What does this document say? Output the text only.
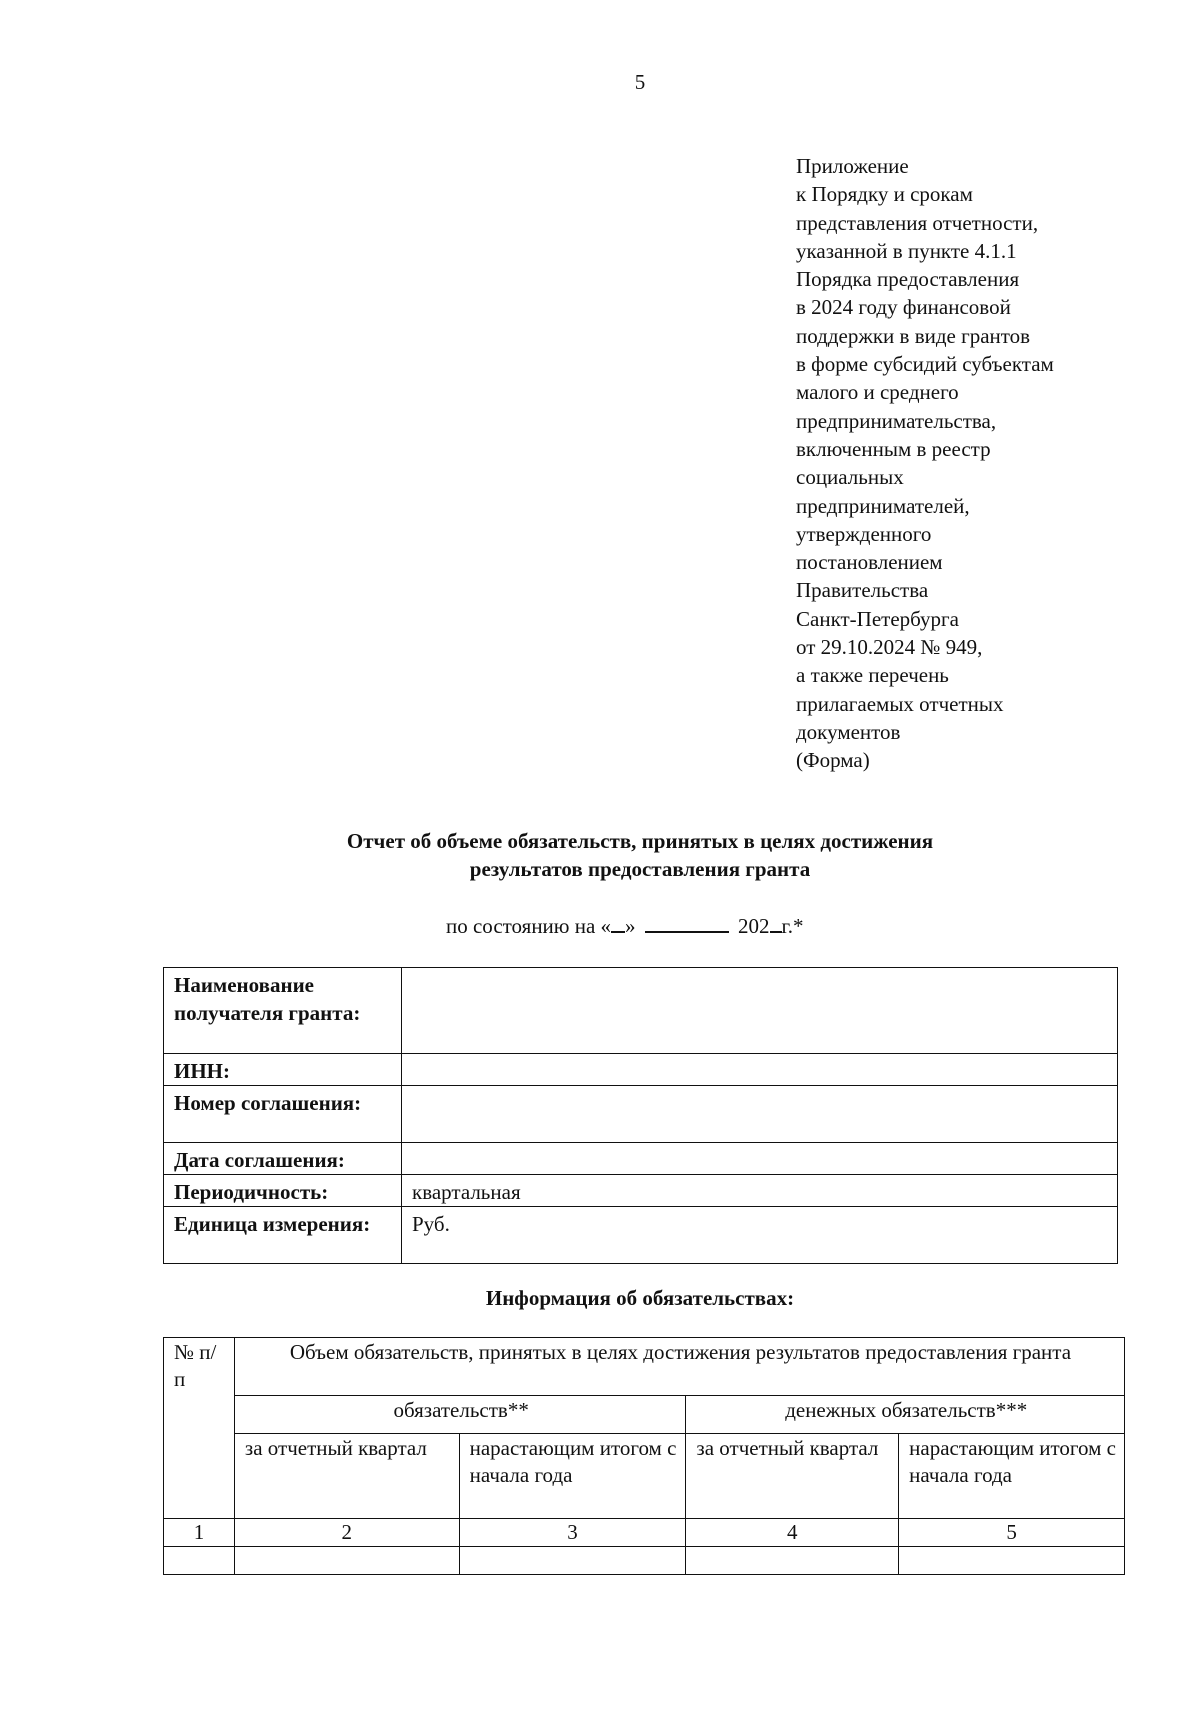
5
Приложение
к Порядку и срокам
представления отчетности,
указанной в пункте 4.1.1
Порядка предоставления
в 2024 году финансовой
поддержки в виде грантов
в форме субсидий субъектам
малого и среднего
предпринимательства,
включенным в реестр
социальных
предпринимателей,
утвержденного
постановлением
Правительства
Санкт-Петербурга
от 29.10.2024 № 949,
а также перечень
прилагаемых отчетных
документов
(Форма)
Отчет об объеме обязательств, принятых в целях достижения
результатов предоставления гранта
по состоянию на « »	202 г.*
Наименование получателя гранта:	
ИНН:	
Номер соглашения:	
Дата соглашения:	
Периодичность:	квартальная
Единица измерения:	Руб.
Информация об обязательствах:
№ п/п	Объем обязательств, принятых в целях достижения результатов предоставления гранта			
	обязательств**		денежных обязательств***	
	за отчетный квартал	нарастающим итогом с начала года	за отчетный квартал	нарастающим итогом с начала года
1	2	3	4	5
